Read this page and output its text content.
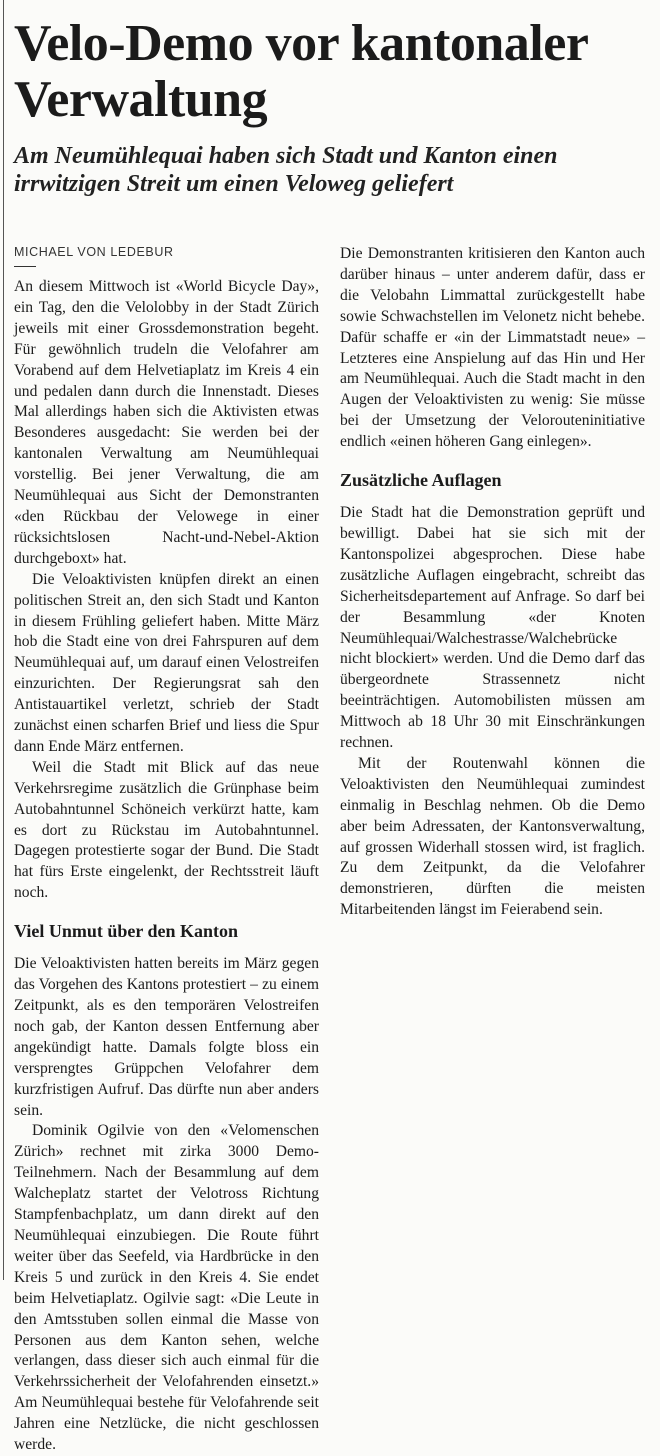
Velo-Demo vor kantonaler Verwaltung
Am Neumühlequai haben sich Stadt und Kanton einen irrwitzigen Streit um einen Veloweg geliefert
MICHAEL VON LEDEBUR

An diesem Mittwoch ist «World Bicycle Day», ein Tag, den die Velolobby in der Stadt Zürich jeweils mit einer Grossdemonstration begeht. Für gewöhnlich trudeln die Velofahrer am Vorabend auf dem Helvetiaplatz im Kreis 4 ein und pedalen dann durch die Innenstadt. Dieses Mal allerdings haben sich die Aktivisten etwas Besonderes ausgedacht: Sie werden bei der kantonalen Verwaltung am Neumühlequai vorstellig. Bei jener Verwaltung, die am Neumühlequai aus Sicht der Demonstranten «den Rückbau der Velowege in einer rücksichtslosen Nacht-und-Nebel-Aktion durchgeboxt» hat.

Die Veloaktivisten knüpfen direkt an einen politischen Streit an, den sich Stadt und Kanton in diesem Frühling geliefert haben. Mitte März hob die Stadt eine von drei Fahrspuren auf dem Neumühlequai auf, um darauf einen Velostreifen einzurichten. Der Regierungsrat sah den Antistauartikel verletzt, schrieb der Stadt zunächst einen scharfen Brief und liess die Spur dann Ende März entfernen.

Weil die Stadt mit Blick auf das neue Verkehrsregime zusätzlich die Grünphase beim Autobahntunnel Schöneich verkürzt hatte, kam es dort zu Rückstau im Autobahntunnel. Dagegen protestierte sogar der Bund. Die Stadt hat fürs Erste eingelenkt, der Rechtsstreit läuft noch.

Viel Unmut über den Kanton

Die Veloaktivisten hatten bereits im März gegen das Vorgehen des Kantons protestiert – zu einem Zeitpunkt, als es den temporären Velostreifen noch gab, der Kanton dessen Entfernung aber angekündigt hatte. Damals folgte bloss ein versprengtes Grüppchen Velofahrer dem kurzfristigen Aufruf. Das dürfte nun aber anders sein.

Dominik Ogilvie von den «Velomenschen Zürich» rechnet mit zirka 3000 Demo-Teilnehmern. Nach der Besammlung auf dem Walcheplatz startet der Velotross Richtung Stampfenbachplatz, um dann direkt auf den Neumühlequai einzubiegen. Die Route führt weiter über das Seefeld, via Hardbrücke in den Kreis 5 und zurück in den Kreis 4. Sie endet beim Helvetiaplatz. Ogilvie sagt: «Die Leute in den Amtsstuben sollen einmal die Masse von Personen aus dem Kanton sehen, welche verlangen, dass dieser sich auch einmal für die Verkehrssicherheit der Velofahrenden einsetzt.» Am Neumühlequai bestehe für Velofahrende seit Jahren eine Netzlücke, die nicht geschlossen werde.

Die Demonstranten kritisieren den Kanton auch darüber hinaus – unter anderem dafür, dass er die Velobahn Limmattal zurückgestellt habe sowie Schwachstellen im Velonetz nicht behebe. Dafür schaffe er «in der Limmatstadt neue» – Letzteres eine Anspielung auf das Hin und Her am Neumühlequai. Auch die Stadt macht in den Augen der Veloaktivisten zu wenig: Sie müsse bei der Umsetzung der Velorouteninitiative endlich «einen höheren Gang einlegen».

Zusätzliche Auflagen

Die Stadt hat die Demonstration geprüft und bewilligt. Dabei hat sie sich mit der Kantonspolizei abgesprochen. Diese habe zusätzliche Auflagen eingebracht, schreibt das Sicherheitsdepartement auf Anfrage. So darf bei der Besammlung «der Knoten Neumühlequai/Walchestrasse/Walchebrücke nicht blockiert» werden. Und die Demo darf das übergeordnete Strassennetz nicht beeinträchtigen. Automobilisten müssen am Mittwoch ab 18 Uhr 30 mit Einschränkungen rechnen.

Mit der Routenwahl können die Veloaktivisten den Neumühlequai zumindest einmalig in Beschlag nehmen. Ob die Demo aber beim Adressaten, der Kantonsverwaltung, auf grossen Widerhall stossen wird, ist fraglich. Zu dem Zeitpunkt, da die Velofahrer demonstrieren, dürften die meisten Mitarbeitenden längst im Feierabend sein.
